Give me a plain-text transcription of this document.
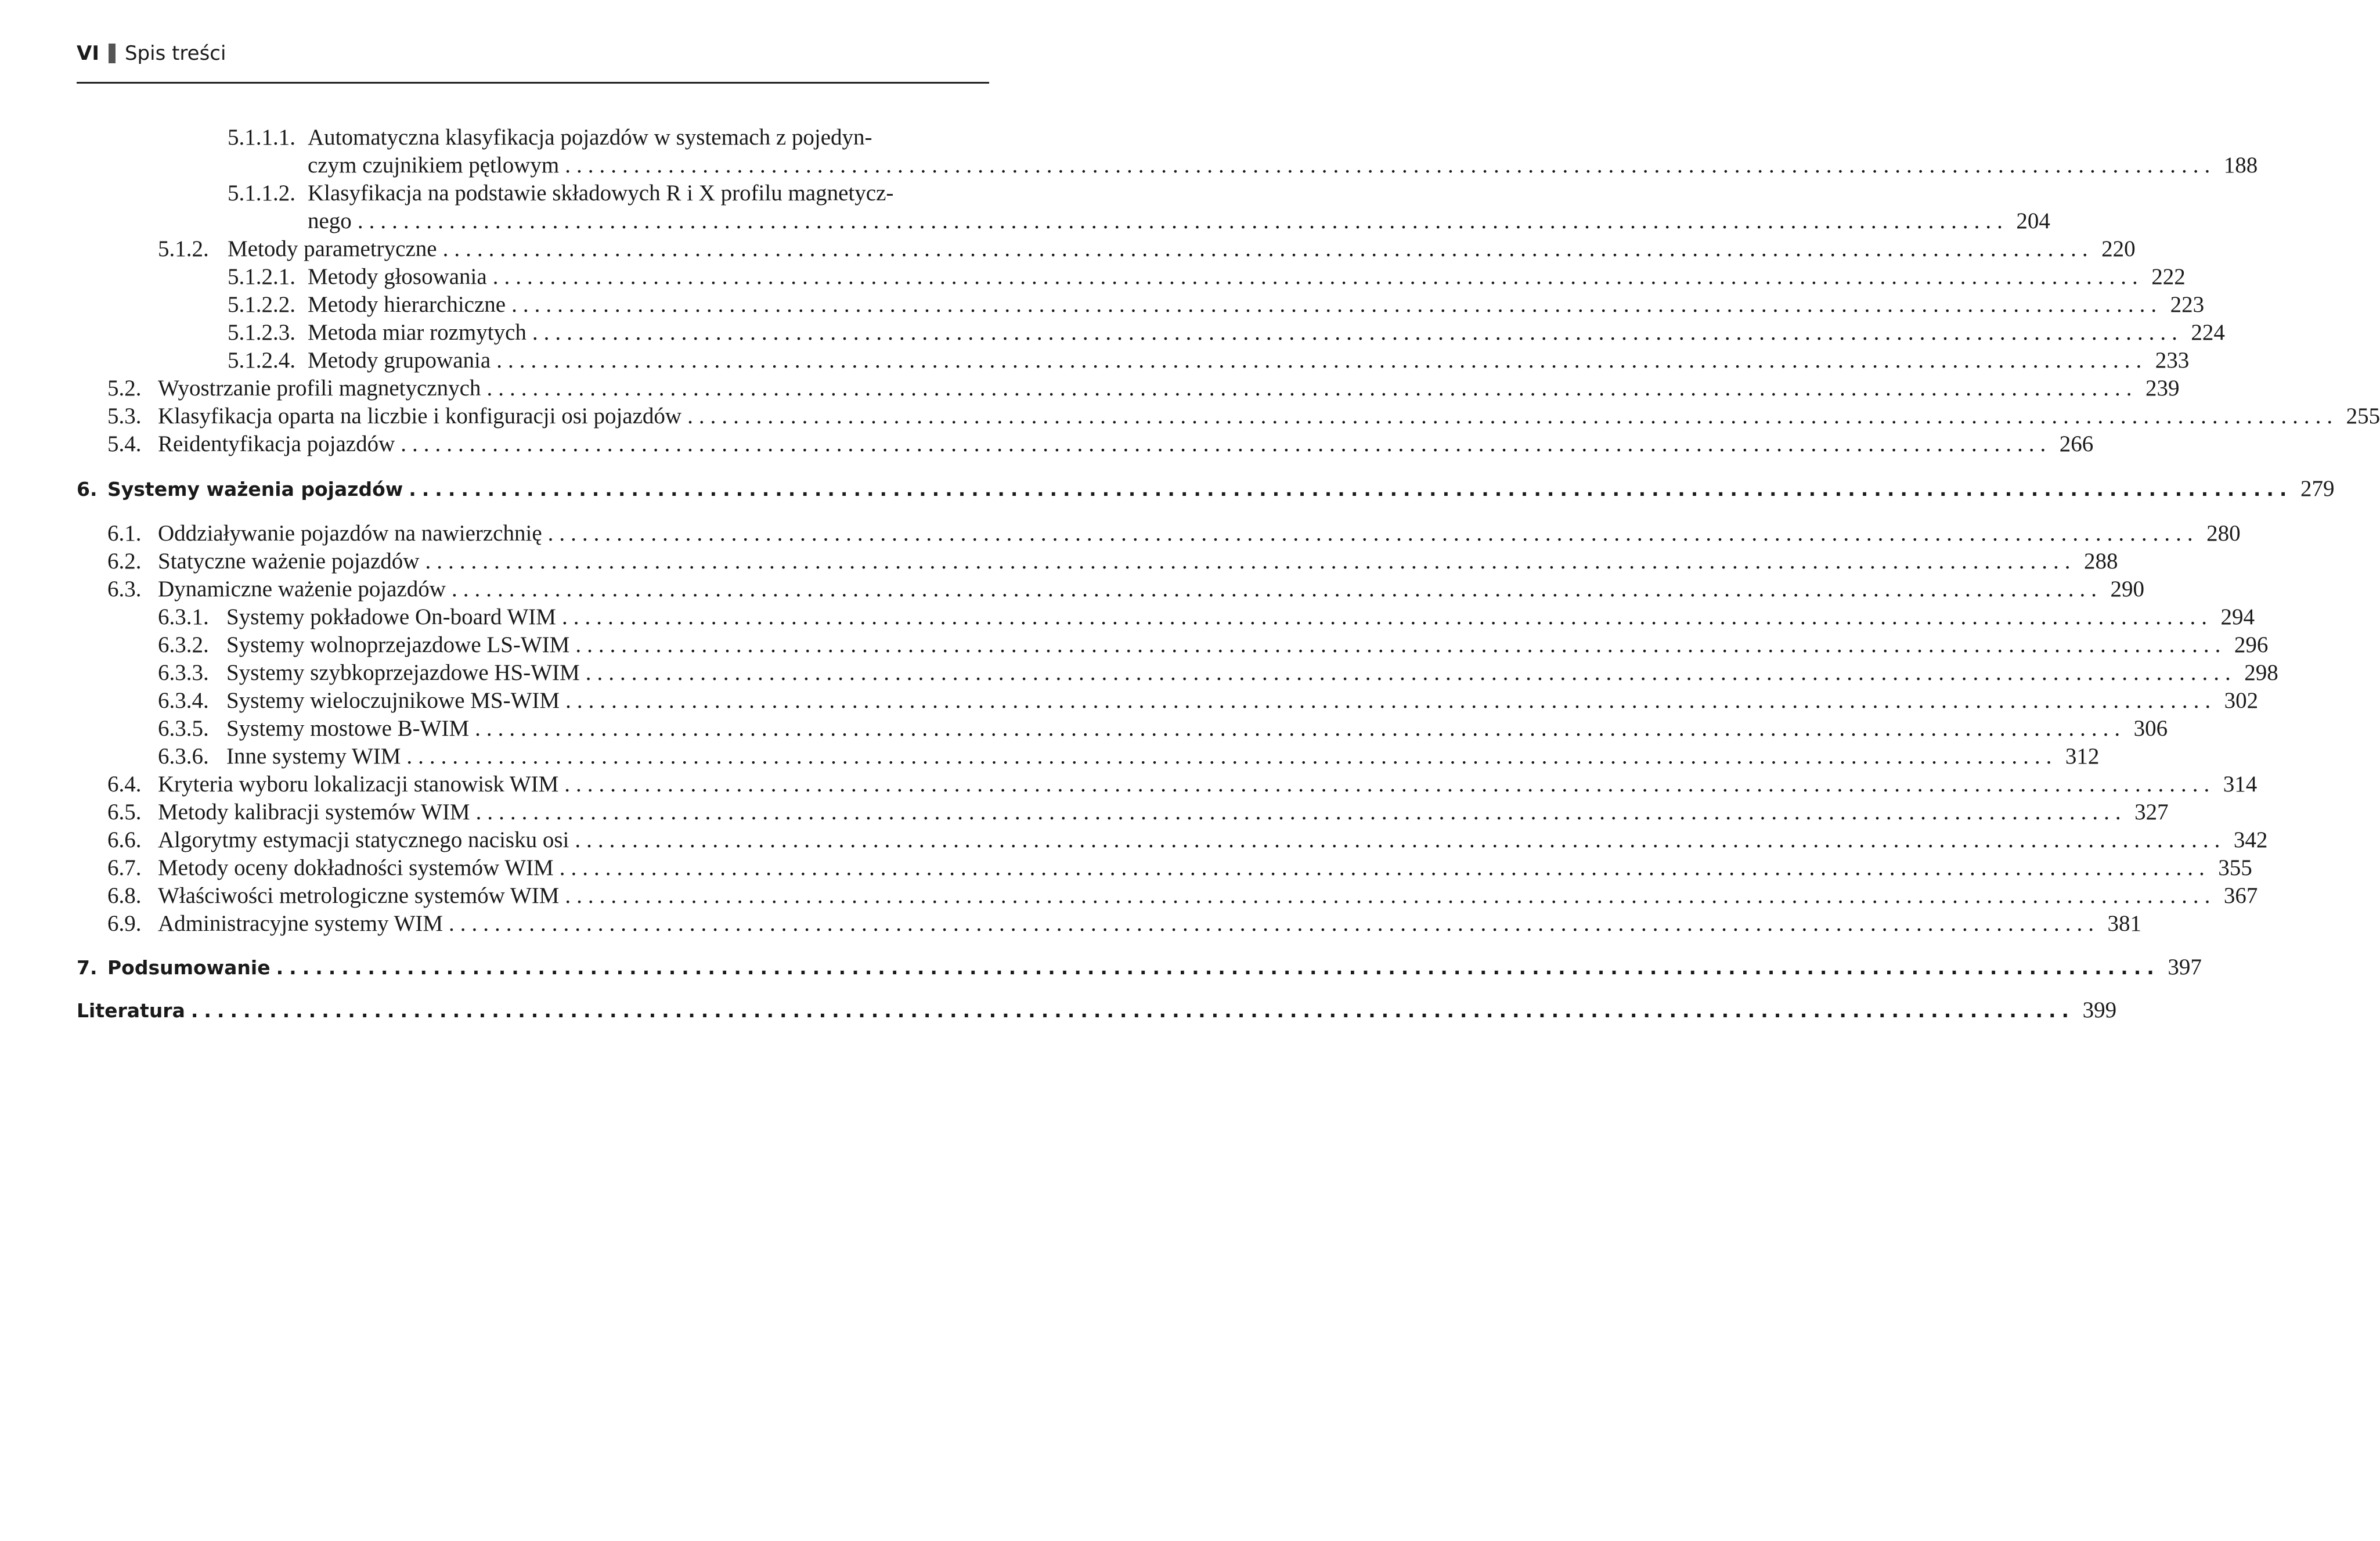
VI Spis treści
5.1.1.1. Automatyczna klasyfikacja pojazdów w systemach z pojedyn-
czym czujnikiem pętlowym ................................................................................................................................................ 188
5.1.1.2. Klasyfikacja na podstawie składowych R i X profilu magnetycz-
nego ................................................................................................................................................ 204
5.1.2. Metody parametryczne ................................................................................................................................................ 220
5.1.2.1. Metody głosowania ................................................................................................................................................ 222
5.1.2.2. Metody hierarchiczne ................................................................................................................................................ 223
5.1.2.3. Metoda miar rozmytych ................................................................................................................................................ 224
5.1.2.4. Metody grupowania ................................................................................................................................................ 233
5.2. Wyostrzanie profili magnetycznych ................................................................................................................................................ 239
5.3. Klasyfikacja oparta na liczbie i konfiguracji osi pojazdów ................................................................................................................................................ 255
5.4. Reidentyfikacja pojazdów ................................................................................................................................................ 266
6. Systemy ważenia pojazdów ................................................................................................................................................ 279
6.1. Oddziaływanie pojazdów na nawierzchnię ................................................................................................................................................ 280
6.2. Statyczne ważenie pojazdów ................................................................................................................................................ 288
6.3. Dynamiczne ważenie pojazdów ................................................................................................................................................ 290
6.3.1. Systemy pokładowe On-board WIM ................................................................................................................................................ 294
6.3.2. Systemy wolnoprzejazdowe LS-WIM ................................................................................................................................................ 296
6.3.3. Systemy szybkoprzejazdowe HS-WIM ................................................................................................................................................ 298
6.3.4. Systemy wieloczujnikowe MS-WIM ................................................................................................................................................ 302
6.3.5. Systemy mostowe B-WIM ................................................................................................................................................ 306
6.3.6. Inne systemy WIM ................................................................................................................................................ 312
6.4. Kryteria wyboru lokalizacji stanowisk WIM ................................................................................................................................................ 314
6.5. Metody kalibracji systemów WIM ................................................................................................................................................ 327
6.6. Algorytmy estymacji statycznego nacisku osi ................................................................................................................................................ 342
6.7. Metody oceny dokładności systemów WIM ................................................................................................................................................ 355
6.8. Właściwości metrologiczne systemów WIM ................................................................................................................................................ 367
6.9. Administracyjne systemy WIM ................................................................................................................................................ 381
7. Podsumowanie ................................................................................................................................................ 397
Literatura ................................................................................................................................................ 399
